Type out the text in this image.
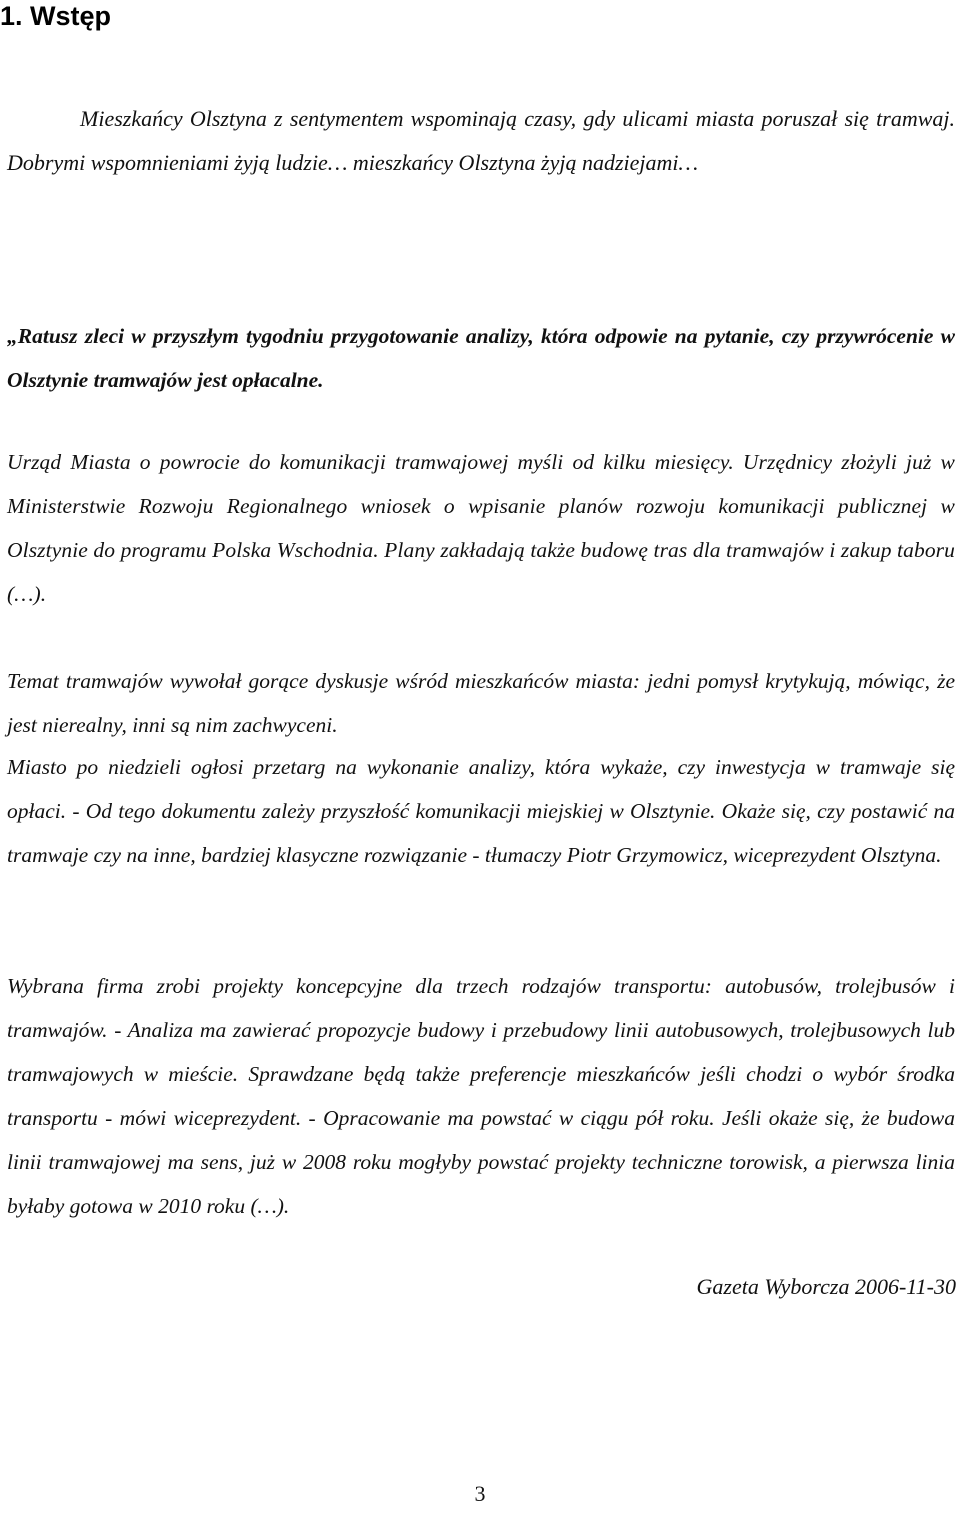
1. Wstęp

Mieszkańcy Olsztyna z sentymentem wspominają czasy, gdy ulicami miasta poruszał się tramwaj. Dobrymi wspomnieniami żyją ludzie… mieszkańcy Olsztyna żyją nadziejami…

„Ratusz zleci w przyszłym tygodniu przygotowanie analizy, która odpowie na pytanie, czy przywrócenie w Olsztynie tramwajów jest opłacalne.

Urząd Miasta o powrocie do komunikacji tramwajowej myśli od kilku miesięcy. Urzędnicy złożyli już w Ministerstwie Rozwoju Regionalnego wniosek o wpisanie planów rozwoju komunikacji publicznej w Olsztynie do programu Polska Wschodnia. Plany zakładają także budowę tras dla tramwajów i zakup taboru (…).

Temat tramwajów wywołał gorące dyskusje wśród mieszkańców miasta: jedni pomysł krytykują, mówiąc, że jest nierealny, inni są nim zachwyceni.

Miasto po niedzieli ogłosi przetarg na wykonanie analizy, która wykaże, czy inwestycja w tramwaje się opłaci. - Od tego dokumentu zależy przyszłość komunikacji miejskiej w Olsztynie. Okaże się, czy postawić na tramwaje czy na inne, bardziej klasyczne rozwiązanie - tłumaczy Piotr Grzymowicz, wiceprezydent Olsztyna.

Wybrana firma zrobi projekty koncepcyjne dla trzech rodzajów transportu: autobusów, trolejbusów i tramwajów. - Analiza ma zawierać propozycje budowy i przebudowy linii autobusowych, trolejbusowych lub tramwajowych w mieście. Sprawdzane będą także preferencje mieszkańców jeśli chodzi o wybór środka transportu - mówi wiceprezydent. - Opracowanie ma powstać w ciągu pół roku. Jeśli okaże się, że budowa linii tramwajowej ma sens, już w 2008 roku mogłyby powstać projekty techniczne torowisk, a pierwsza linia byłaby gotowa w 2010 roku (…).

Gazeta Wyborcza 2006-11-30

3
